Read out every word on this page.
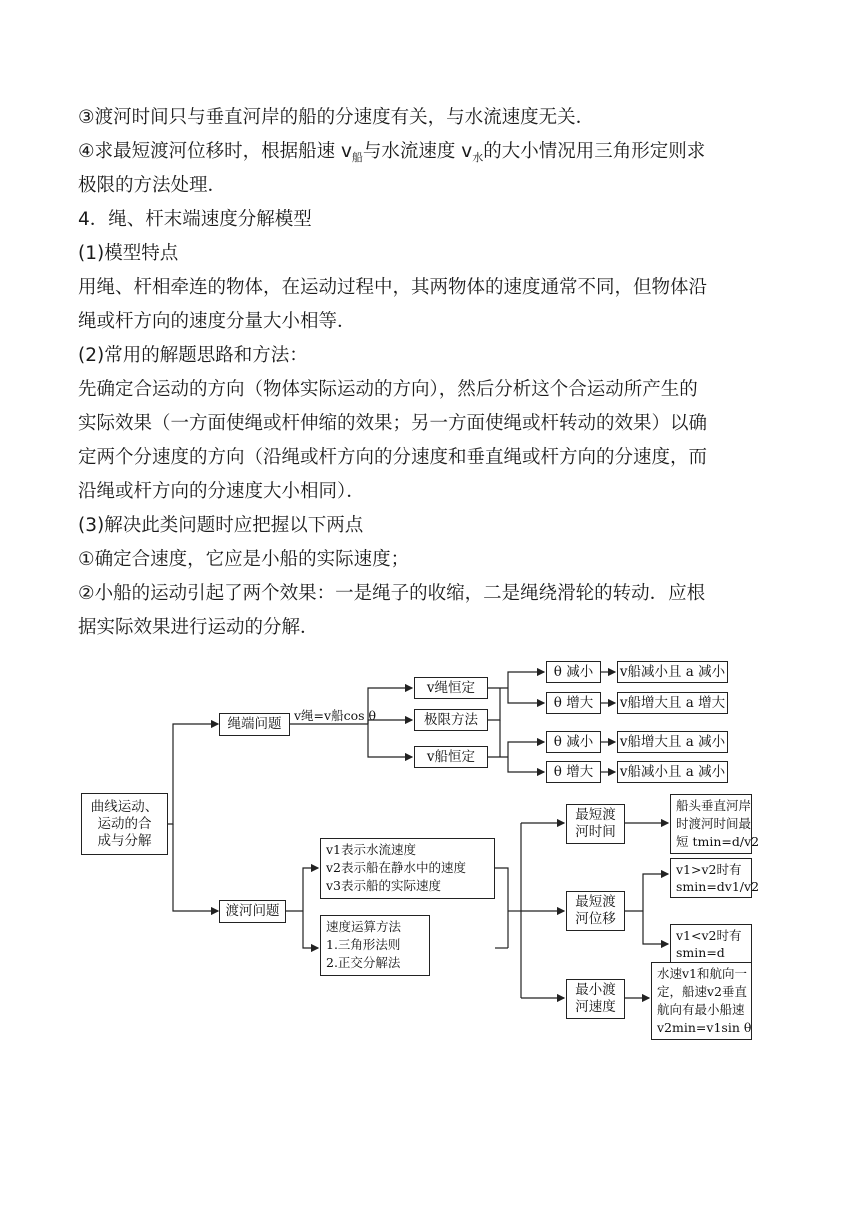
③渡河时间只与垂直河岸的船的分速度有关，与水流速度无关．
④求最短渡河位移时，根据船速 $v_船$与水流速度 $v_水$的大小情况用三角形定则求
极限的方法处理．
4．绳、杆末端速度分解模型
(1)模型特点
用绳、杆相牵连的物体，在运动过程中，其两物体的速度通常不同，但物体沿
绳或杆方向的速度分量大小相等．
(2)常用的解题思路和方法：
先确定合运动的方向（物体实际运动的方向），然后分析这个合运动所产生的
实际效果（一方面使绳或杆伸缩的效果；另一方面使绳或杆转动的效果）以确
定两个分速度的方向（沿绳或杆方向的分速度和垂直绳或杆方向的分速度，而
沿绳或杆方向的分速度大小相同）．
(3)解决此类问题时应把握以下两点
①确定合速度，它应是小船的实际速度；
②小船的运动引起了两个效果：一是绳子的收缩，二是绳绕滑轮的转动．应根
据实际效果进行运动的分解．
曲线运动、
运动的合
成与分解
绳端问题
v绳=v船cos θ
v绳恒定
极限方法
v船恒定
θ 减小
θ 增大
θ 减小
θ 增大
v船减小且 a 减小
v船增大且 a 增大
v船增大且 a 减小
v船减小且 a 减小
渡河问题
v1表示水流速度
v2表示船在静水中的速度
v3表示船的实际速度
速度运算方法
1.三角形法则
2.正交分解法
最短渡
河时间
船头垂直河岸
时渡河时间最
短 tmin=d/v2
最短渡
河位移
v1>v2时有
smin=dv1/v2
v1<v2时有
smin=d
最小渡
河速度
水速v1和航向一
定，船速v2垂直
航向有最小船速
v2min=v1sin θ
